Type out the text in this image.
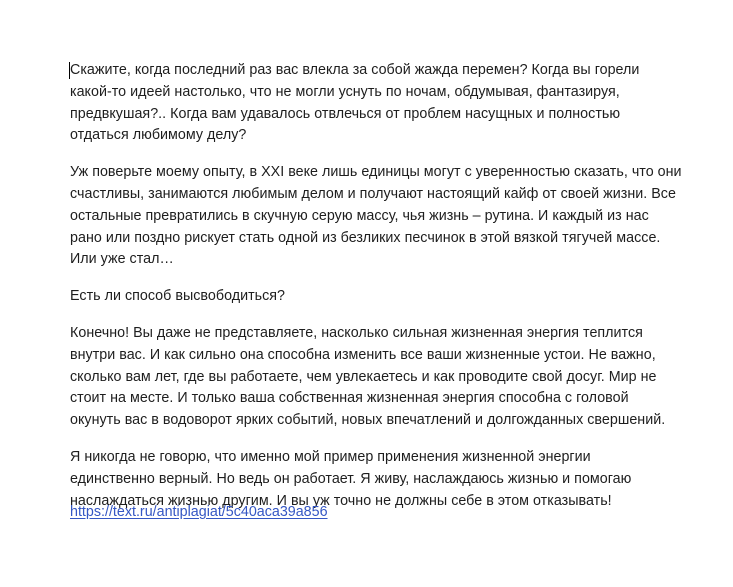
Скажите, когда последний раз вас влекла за собой жажда перемен? Когда вы горели какой-то идеей настолько, что не могли уснуть по ночам, обдумывая, фантазируя, предвкушая?.. Когда вам удавалось отвлечься от проблем насущных и полностью отдаться любимому делу?

Уж поверьте моему опыту, в XXI веке лишь единицы могут с уверенностью сказать, что они счастливы, занимаются любимым делом и получают настоящий кайф от своей жизни. Все остальные превратились в скучную серую массу, чья жизнь – рутина. И каждый из нас рано или поздно рискует стать одной из безликих песчинок в этой вязкой тягучей массе. Или уже стал…

Есть ли способ высвободиться?

Конечно! Вы даже не представляете, насколько сильная жизненная энергия теплится внутри вас. И как сильно она способна изменить все ваши жизненные устои. Не важно, сколько вам лет, где вы работаете, чем увлекаетесь и как проводите свой досуг. Мир не стоит на месте. И только ваша собственная жизненная энергия способна с головой окунуть вас в водоворот ярких событий, новых впечатлений и долгожданных свершений.

Я никогда не говорю, что именно мой пример применения жизненной энергии единственно верный. Но ведь он работает. Я живу, наслаждаюсь жизнью и помогаю наслаждаться жизнью другим. И вы уж точно не должны себе в этом отказывать!

https://text.ru/antiplagiat/5c40aca39a856
